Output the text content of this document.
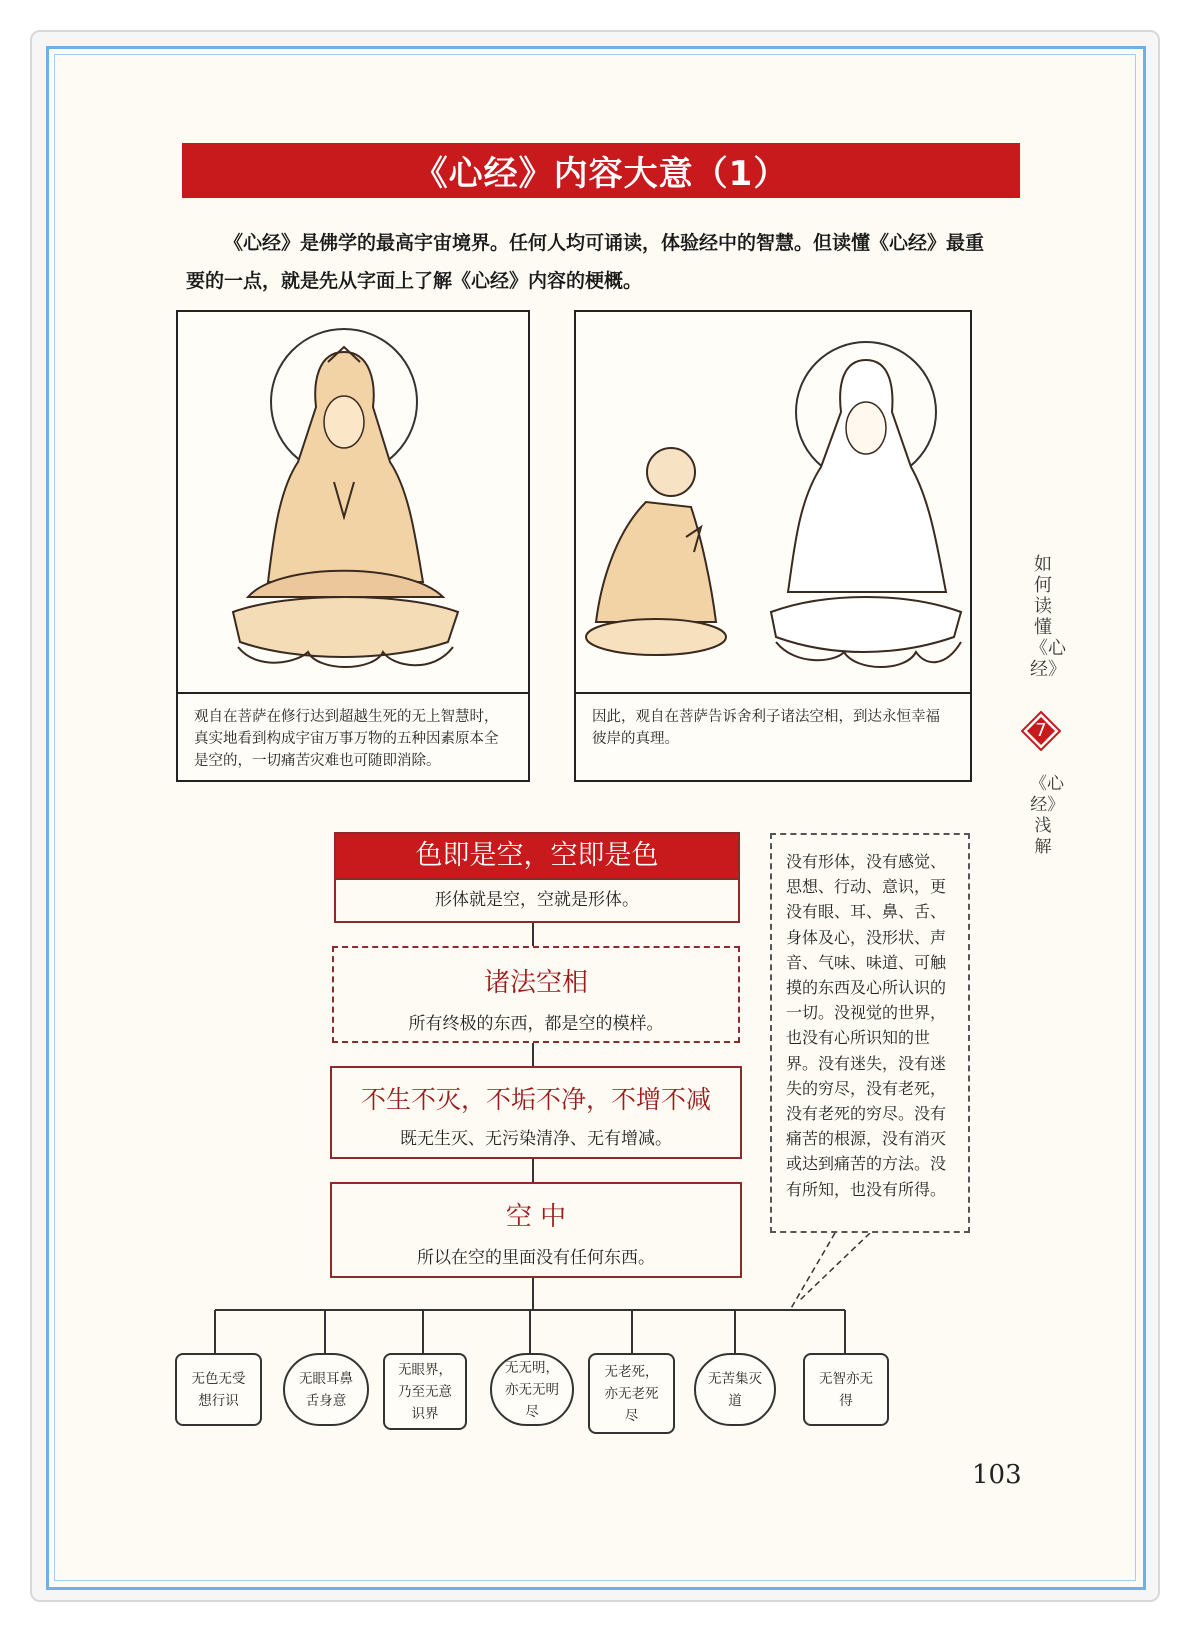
《心经》内容大意（1）
《心经》是佛学的最高宇宙境界。任何人均可诵读，体验经中的智慧。但读懂《心经》最重要的一点，就是先从字面上了解《心经》内容的梗概。
观自在菩萨在修行达到超越生死的无上智慧时，真实地看到构成宇宙万事万物的五种因素原本全是空的，一切痛苦灾难也可随即消除。
因此，观自在菩萨告诉舍利子诸法空相，到达永恒幸福彼岸的真理。
如何读懂《心经》
7
《心经》浅解
色即是空，空即是色
形体就是空，空就是形体。
诸法空相
所有终极的东西，都是空的模样。
不生不灭，不垢不净，不增不减
既无生灭、无污染清净、无有增减。
空 中
所以在空的里面没有任何东西。
没有形体，没有感觉、思想、行动、意识，更没有眼、耳、鼻、舌、身体及心，没形状、声音、气味、味道、可触摸的东西及心所认识的一切。没视觉的世界，也没有心所识知的世界。没有迷失，没有迷失的穷尽，没有老死，没有老死的穷尽。没有痛苦的根源，没有消灭或达到痛苦的方法。没有所知，也没有所得。
无色无受想行识
无眼耳鼻舌身意
无眼界，乃至无意识界
无无明，亦无无明尽
无老死，亦无老死尽
无苦集灭道
无智亦无得
103
